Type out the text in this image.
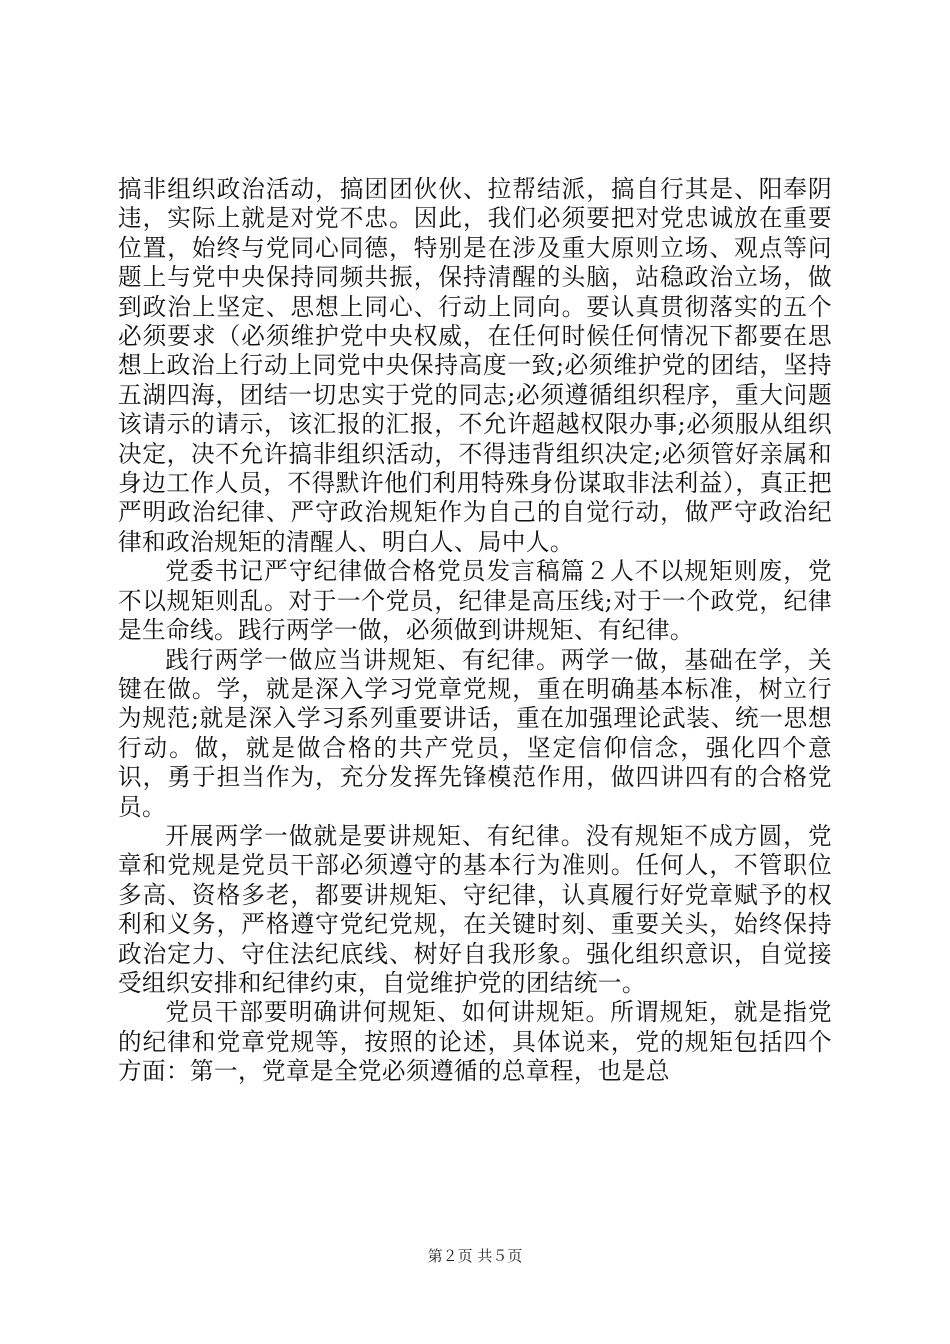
搞非组织政治活动，搞团团伙伙、拉帮结派，搞自行其是、阳奉阴违，实际上就是对党不忠。因此，我们必须要把对党忠诚放在重要位置，始终与党同心同德，特别是在涉及重大原则立场、观点等问题上与党中央保持同频共振，保持清醒的头脑，站稳政治立场，做到政治上坚定、思想上同心、行动上同向。要认真贯彻落实的五个必须要求（必须维护党中央权威，在任何时候任何情况下都要在思想上政治上行动上同党中央保持高度一致;必须维护党的团结，坚持五湖四海，团结一切忠实于党的同志;必须遵循组织程序，重大问题该请示的请示，该汇报的汇报，不允许超越权限办事;必须服从组织决定，决不允许搞非组织活动，不得违背组织决定;必须管好亲属和身边工作人员，不得默许他们利用特殊身份谋取非法利益），真正把严明政治纪律、严守政治规矩作为自己的自觉行动，做严守政治纪律和政治规矩的清醒人、明白人、局中人。

党委书记严守纪律做合格党员发言稿篇２人不以规矩则废，党不以规矩则乱。对于一个党员，纪律是高压线;对于一个政党，纪律是生命线。践行两学一做，必须做到讲规矩、有纪律。

践行两学一做应当讲规矩、有纪律。两学一做，基础在学，关键在做。学，就是深入学习党章党规，重在明确基本标准，树立行为规范;就是深入学习系列重要讲话，重在加强理论武装、统一思想行动。做，就是做合格的共产党员，坚定信仰信念，强化四个意识，勇于担当作为，充分发挥先锋模范作用，做四讲四有的合格党员。

开展两学一做就是要讲规矩、有纪律。没有规矩不成方圆，党章和党规是党员干部必须遵守的基本行为准则。任何人，不管职位多高、资格多老，都要讲规矩、守纪律，认真履行好党章赋予的权利和义务，严格遵守党纪党规，在关键时刻、重要关头，始终保持政治定力、守住法纪底线、树好自我形象。强化组织意识，自觉接受组织安排和纪律约束，自觉维护党的团结统一。

党员干部要明确讲何规矩、如何讲规矩。所谓规矩，就是指党的纪律和党章党规等，按照的论述，具体说来，党的规矩包括四个方面：第一，党章是全党必须遵循的总章程，也是总

第２页 共５页
